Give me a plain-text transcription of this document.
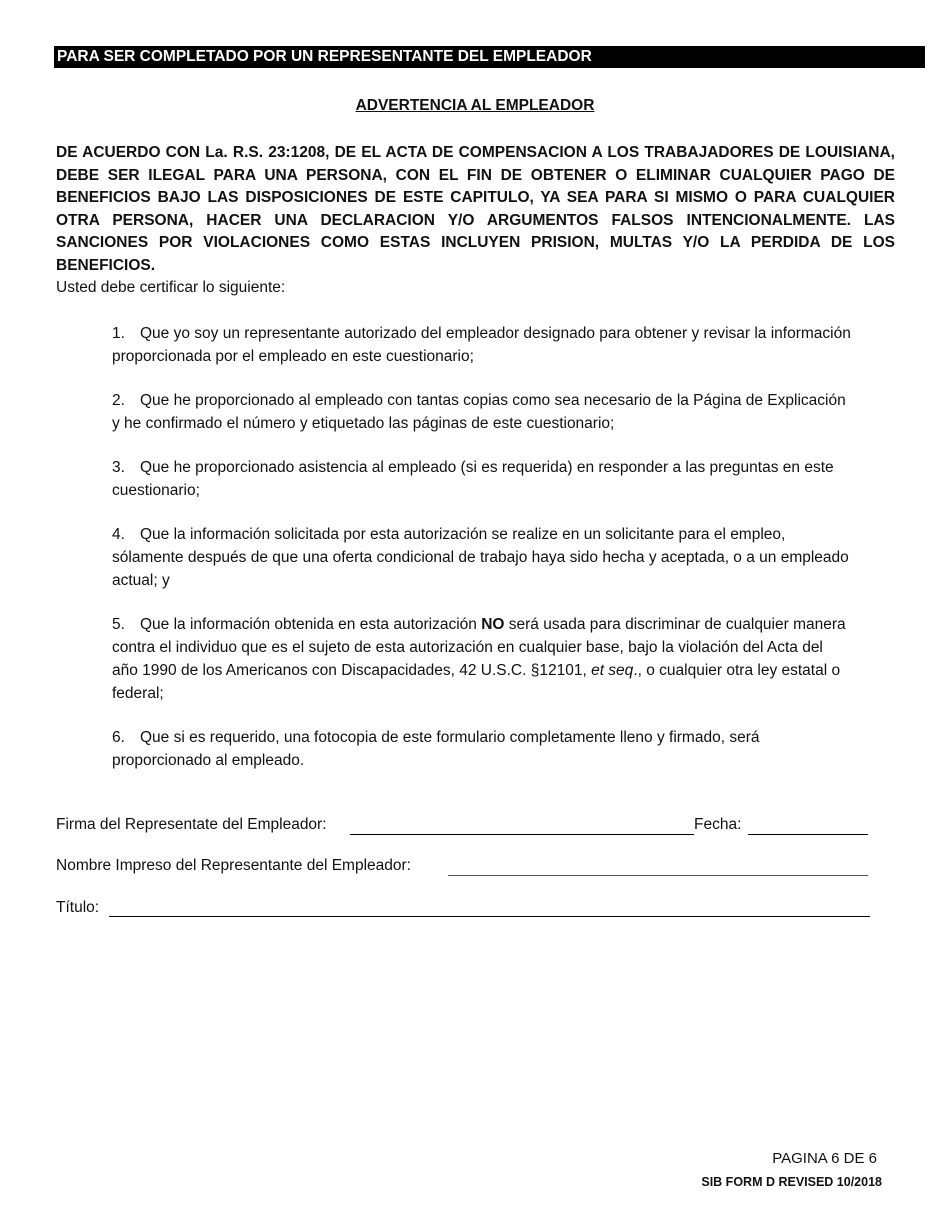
PARA SER COMPLETADO POR UN REPRESENTANTE DEL EMPLEADOR
ADVERTENCIA AL EMPLEADOR
DE ACUERDO CON La. R.S. 23:1208, DE EL ACTA DE COMPENSACION A LOS TRABAJADORES DE LOUISIANA, DEBE SER ILEGAL PARA UNA PERSONA, CON EL FIN DE OBTENER O ELIMINAR CUALQUIER PAGO DE BENEFICIOS BAJO LAS DISPOSICIONES DE ESTE CAPITULO, YA SEA PARA SI MISMO O PARA CUALQUIER OTRA PERSONA, HACER UNA DECLARACION Y/O ARGUMENTOS FALSOS INTENCIONALMENTE. LAS SANCIONES POR VIOLACIONES COMO ESTAS INCLUYEN PRISION, MULTAS Y/O LA PERDIDA DE LOS BENEFICIOS.
Usted debe certificar lo siguiente:
1. Que yo soy un representante autorizado del empleador designado para obtener y revisar la información proporcionada por el empleado en este cuestionario;
2. Que he proporcionado al empleado con tantas copias como sea necesario de la Página de Explicación y he confirmado el número y etiquetado las páginas de este cuestionario;
3. Que he proporcionado asistencia al empleado (si es requerida) en responder a las preguntas en este cuestionario;
4. Que la información solicitada por esta autorización se realize en un solicitante para el empleo, sólamente después de que una oferta condicional de trabajo haya sido hecha y aceptada, o a un empleado actual; y
5. Que la información obtenida en esta autorización NO será usada para discriminar de cualquier manera contra el individuo que es el sujeto de esta autorización en cualquier base, bajo la violación del Acta del año 1990 de los Americanos con Discapacidades, 42 U.S.C. §12101, et seq., o cualquier otra ley estatal o federal;
6. Que si es requerido, una fotocopia de este formulario completamente lleno y firmado, será proporcionado al empleado.
Firma del Representate del Empleador:	Fecha:
Nombre Impreso del Representante del Empleador:
Título:
PAGINA 6 DE 6
SIB FORM D REVISED 10/2018
